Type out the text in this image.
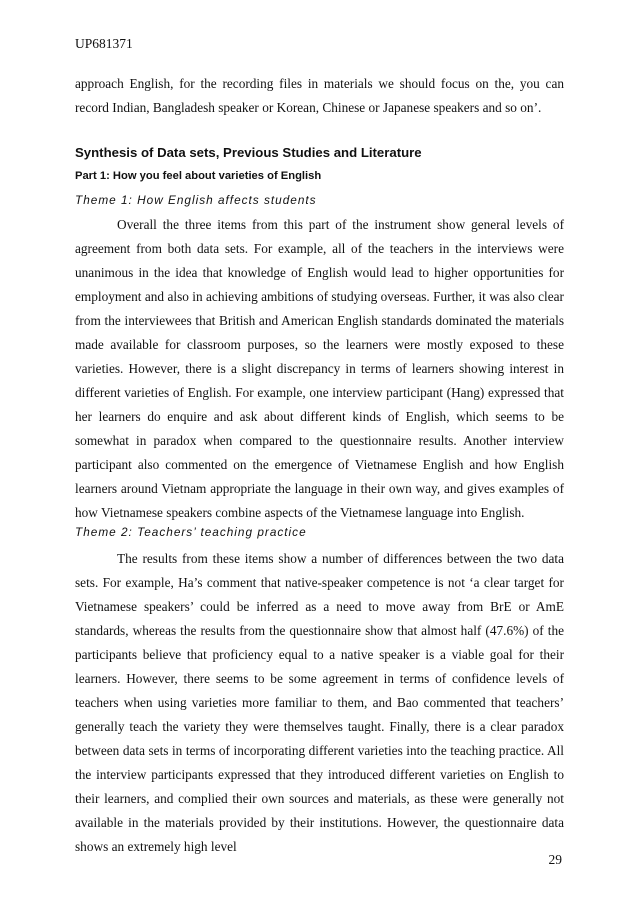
UP681371

approach English, for the recording files in materials we should focus on the, you can record Indian, Bangladesh speaker or Korean, Chinese or Japanese speakers and so on’.

Synthesis of Data sets, Previous Studies and Literature
Part 1: How you feel about varieties of English
Theme 1: How English affects students

Overall the three items from this part of the instrument show general levels of agreement from both data sets. For example, all of the teachers in the interviews were unanimous in the idea that knowledge of English would lead to higher opportunities for employment and also in achieving ambitions of studying overseas. Further, it was also clear from the interviewees that British and American English standards dominated the materials made available for classroom purposes, so the learners were mostly exposed to these varieties. However, there is a slight discrepancy in terms of learners showing interest in different varieties of English. For example, one interview participant (Hang) expressed that her learners do enquire and ask about different kinds of English, which seems to be somewhat in paradox when compared to the questionnaire results. Another interview participant also commented on the emergence of Vietnamese English and how English learners around Vietnam appropriate the language in their own way, and gives examples of how Vietnamese speakers combine aspects of the Vietnamese language into English.

Theme 2: Teachers’ teaching practice

The results from these items show a number of differences between the two data sets. For example, Ha’s comment that native-speaker competence is not ‘a clear target for Vietnamese speakers’ could be inferred as a need to move away from BrE or AmE standards, whereas the results from the questionnaire show that almost half (47.6%) of the participants believe that proficiency equal to a native speaker is a viable goal for their learners. However, there seems to be some agreement in terms of confidence levels of teachers when using varieties more familiar to them, and Bao commented that teachers’ generally teach the variety they were themselves taught. Finally, there is a clear paradox between data sets in terms of incorporating different varieties into the teaching practice. All the interview participants expressed that they introduced different varieties on English to their learners, and complied their own sources and materials, as these were generally not available in the materials provided by their institutions. However, the questionnaire data shows an extremely high level

29
